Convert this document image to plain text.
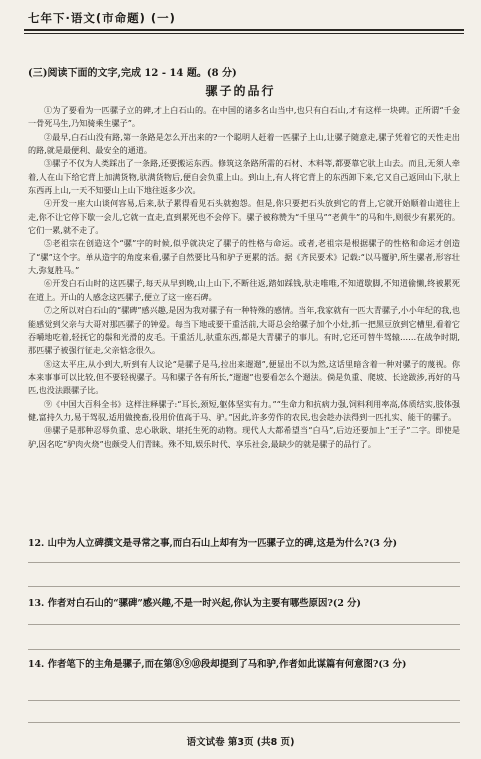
七年下·语文(市命题) (一)
(三)阅读下面的文字,完成 12 - 14 题。(8 分)
骡子的品行

①为了要看为一匹骡子立的碑,才上白石山的。在中国的诸多名山当中,也只有白石山,才有这样一块碑。正所谓“千金一骨死马生,乃知骑乘生骡子”。

②最早,白石山没有路,第一条路是怎么开出来的?一个聪明人赶着一匹骡子上山,让骡子随意走,骡子凭着它的天性走出的路,就是最便利、最安全的通道。

③骡子不仅为人类踩出了一条路,还要搬运东西。修筑这条路所需的石材、木料等,都要靠它驮上山去。而且,无须人牵着,人在山下给它背上加满货物,驮满货物后,便自会负重上山。到山上,有人将它背上的东西卸下来,它又自己返回山下,驮上东西再上山,一天不知要山上山下地往返多少次。

④开发一座大山谈何容易,后来,驮子累得看见石头就抱怨。但是,你只要把石头放到它的背上,它就开始顺着山道往上走,你不让它停下歇一会儿,它就一直走,直到累死也不会停下。骡子被称赞为“千里马”“老黄牛”的马和牛,则很少有累死的。它们一累,就不走了。

⑤老祖宗在创造这个“骡”字的时候,似乎就决定了骡子的性格与命运。或者,老祖宗是根据骡子的性格和命运才创造了“骡”这个字。单从造字的角度来看,骡子自然要比马和驴子更累的活。据《齐民要术》记载:“以马覆驴,所生骡者,形容壮大,弥复胜马。”

⑥开发白石山时的这匹骡子,每天从早到晚,山上山下,不断往返,踏如踩钱,驮走唯唯,不知道歇脚,不知道偷懒,终被累死在道上。开山的人感念这匹骡子,便立了这一座石碑。

⑦之所以对白石山的“骡碑”感兴趣,是因为我对骡子有一种特殊的感情。当年,我家就有一匹大青骡子,小小年纪的我,也能感觉到父亲与大哥对那匹骡子的钟爱。每当下地或要干重活前,大哥总会给骡子加个小灶,抓一把黑豆放到它槽里,看着它吞嚼地吃着,轻抚它的鬃和光滑的皮毛。干重活儿,驮重东西,都是大青骡子的事儿。有时,它还可替牛驾辕……在战争时期,那匹骡子被强行征走,父亲惦念很久。

⑧这太平庄,从小到大,听到有人议论“是骡子是马,拉出来遛遛”,便显出不以为然,这话里暗含着一种对骡子的蔑视。你本来事事可以比较,但不要轻视骡子。马和骡子各有所长,“遛遛”也要看怎么个遛法。倘是负重、爬坡、长途跋涉,再好的马匹,也没法跟骡子比。

⑨《中国大百科全书》这样注释骡子:“耳长,颈短,躯体坚实有力。”“生命力和抗病力强,饲料利用率高,体质结实,肢体强健,富持久力,易于驾驭,适用做挽畜,役用价值高于马、驴。”因此,许多劳作的农民,也会趁办法得到一匹扎实、能干的骡子。

⑩骡子是那种忍辱负重、忠心耿耿、堪托生死的动物。现代人大都希望当“白马”,后边还要加上“王子”二字。即使是驴,因名吃“驴肉火烧”也颇受人们青睐。殊不知,娱乐时代、享乐社会,最缺少的就是骡子的品行了。

12. 山中为人立碑撰文是寻常之事,而白石山上却有为一匹骡子立的碑,这是为什么?(3 分)
13. 作者对白石山的“骡碑”感兴趣,不是一时兴起,你认为主要有哪些原因?(2 分)
14. 作者笔下的主角是骡子,而在第⑧⑨⑩段却提到了马和驴,作者如此谋篇有何意图?(3 分)
语文试卷 第3页 (共8 页)
